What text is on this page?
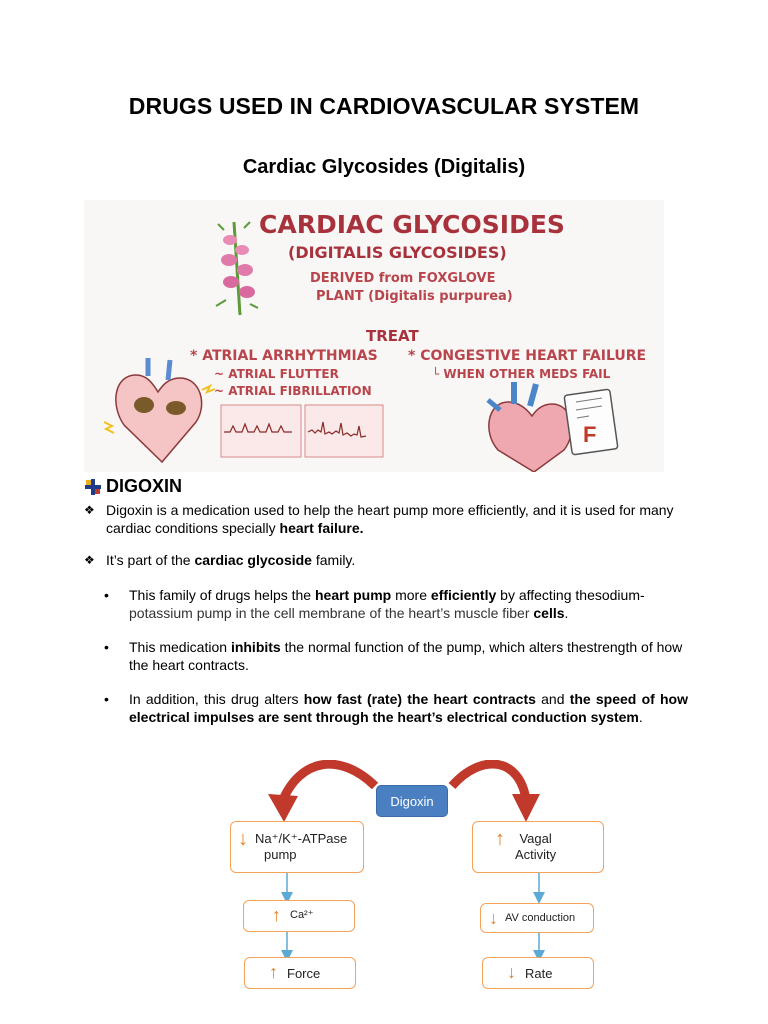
DRUGS USED IN CARDIOVASCULAR SYSTEM
Cardiac Glycosides (Digitalis)
CARDIAC GLYCOSIDES
(DIGITALIS GLYCOSIDES)
DERIVED from FOXGLOVE
PLANT (Digitalis purpurea)
TREAT
* ATRIAL ARRHYTHMIAS
~ ATRIAL FLUTTER
~ ATRIAL FIBRILLATION
* CONGESTIVE HEART FAILURE
└ WHEN OTHER MEDS FAIL
F
DIGOXIN
❖ Digoxin is a medication used to help the heart pump more efficiently, and it is used for many cardiac conditions specially heart failure.
❖ It’s part of the cardiac glycoside family.
• This family of drugs helps the heart pump more efficiently by affecting thesodium-
potassium pump in the cell membrane of the heart’s muscle fiber cells.
• This medication inhibits the normal function of the pump, which alters thestrength of how the heart contracts.
• In addition, this drug alters how fast (rate) the heart contracts and the speed of how electrical impulses are sent through the heart’s electrical conduction system.
Digoxin
↓ Na⁺/K⁺-ATPase
pump
↑	Vagal
Activity
↑ Ca²⁺	↓ AV conduction
↑ Force	↓ Rate
